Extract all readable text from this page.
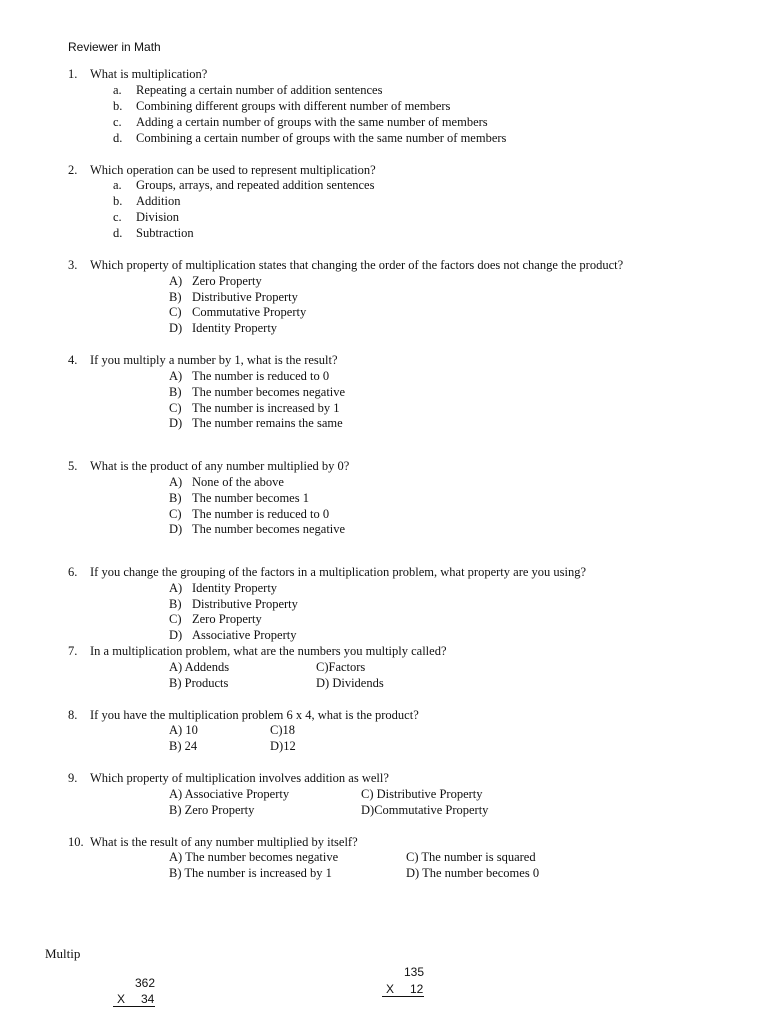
Reviewer in Math
1. What is multiplication?
a. Repeating a certain number of addition sentences
b. Combining different groups with different number of members
c. Adding a certain number of groups with the same number of members
d. Combining a certain number of groups with the same number of members
2. Which operation can be used to represent multiplication?
a. Groups, arrays, and repeated addition sentences
b. Addition
c. Division
d. Subtraction
3. Which property of multiplication states that changing the order of the factors does not change the product?
A) Zero Property
B) Distributive Property
C) Commutative Property
D) Identity Property
4. If you multiply a number by 1, what is the result?
A) The number is reduced to 0
B) The number becomes negative
C) The number is increased by 1
D) The number remains the same
5. What is the product of any number multiplied by 0?
A) None of the above
B) The number becomes 1
C) The number is reduced to 0
D) The number becomes negative
6. If you change the grouping of the factors in a multiplication problem, what property are you using?
A) Identity Property
B) Distributive Property
C) Zero Property
D) Associative Property
7. In a multiplication problem, what are the numbers you multiply called?
A) Addends
B) Products
C)Factors
D) Dividends
8. If you have the multiplication problem 6 x 4, what is the product?
A) 10
B) 24
C)18
D)12
9. Which property of multiplication involves addition as well?
A) Associative Property
B) Zero Property
C) Distributive Property
D)Commutative Property
10. What is the result of any number multiplied by itself?
A) The number becomes negative
B) The number is increased by 1
C) The number is squared
D) The number becomes 0
Multip
362
X 34
135
X 12
